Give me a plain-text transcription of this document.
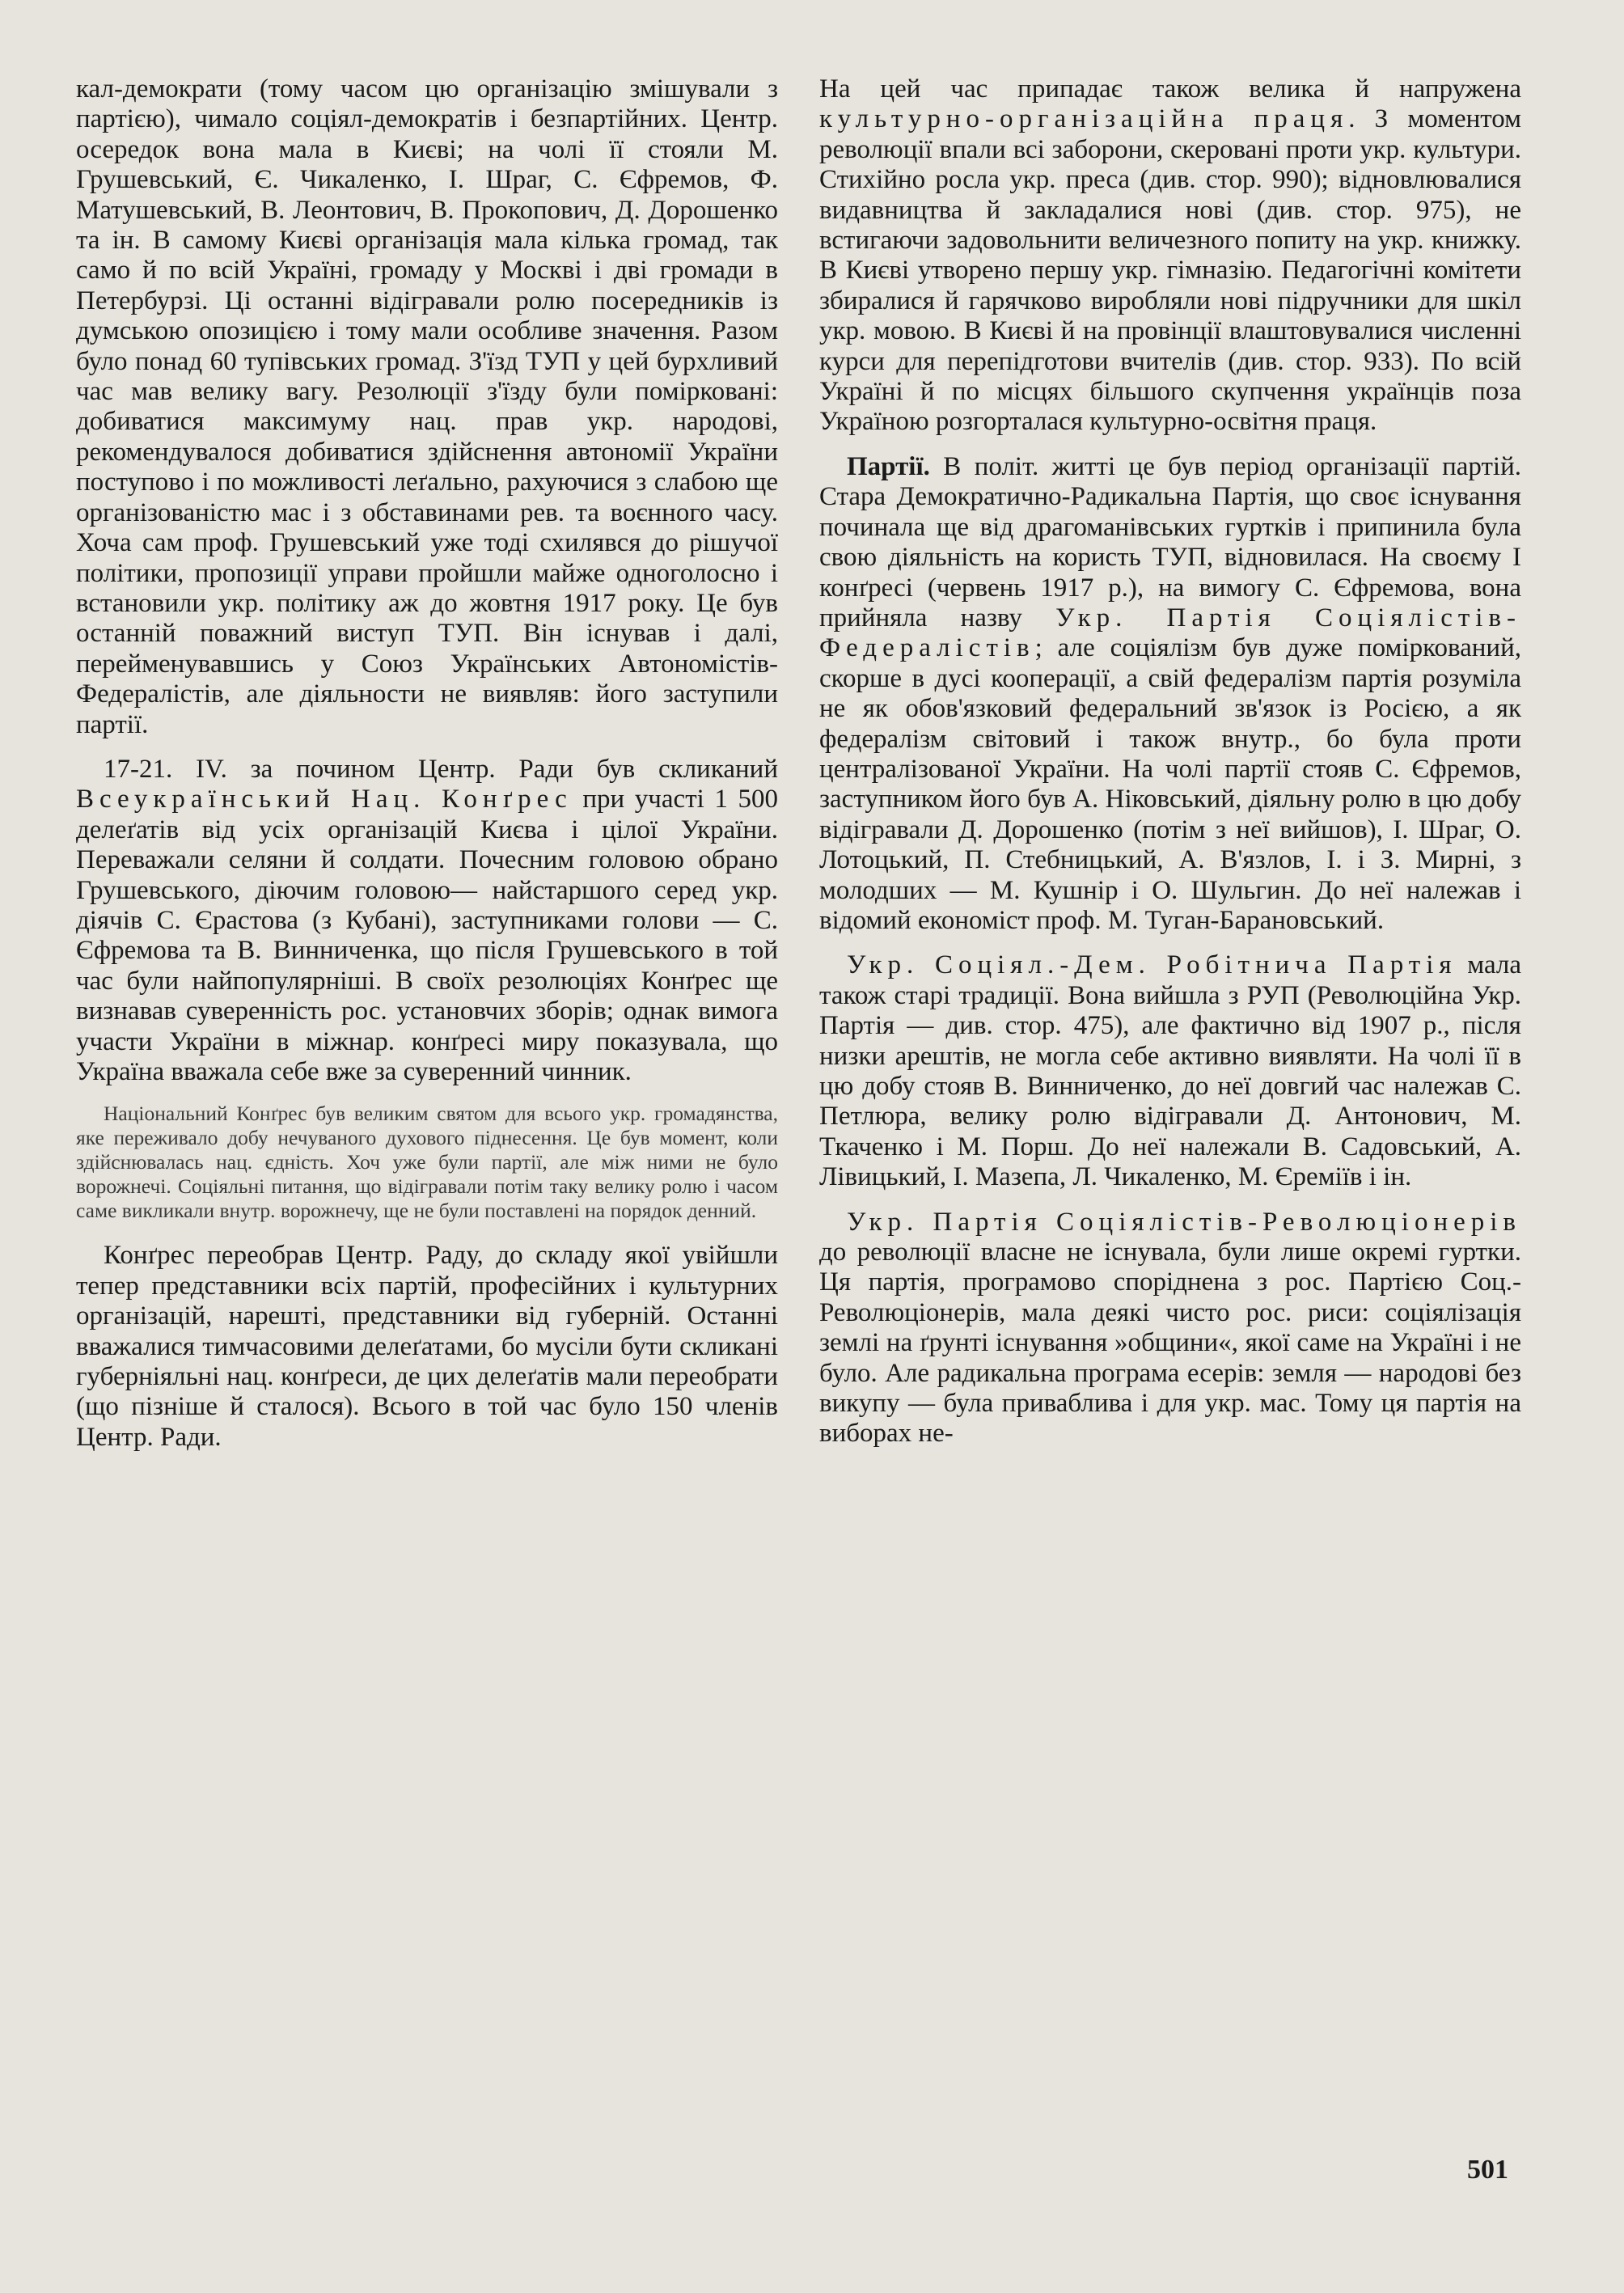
кал-демократи (тому часом цю організацію змішували з партією), чимало соціял-демократів і безпартійних. Центр. осередок вона мала в Києві; на чолі її стояли М. Грушевський, Є. Чикаленко, І. Шраг, С. Єфремов, Ф. Матушевський, В. Леонтович, В. Прокопович, Д. Дорошенко та ін. В самому Києві організація мала кілька громад, так само й по всій Україні, громаду у Москві і дві громади в Петербурзі. Ці останні відігравали ролю посередників із думською опозицією і тому мали особливе значення. Разом було понад 60 тупівських громад. З'їзд ТУП у цей бурхливий час мав велику вагу. Резолюції з'їзду були поміркованi: добиватися максимуму нац. прав укр. народові, рекомендувалося добиватися здійснення автономії України поступово і по можливості леґально, рахуючися з слабою ще організованістю мас і з обставинами рев. та воєнного часу. Хоча сам проф. Грушевський уже тоді схилявся до рішучої політики, пропозиції управи пройшли майже одноголосно і встановили укр. політику аж до жовтня 1917 року. Це був останній поважний виступ ТУП. Він існував і далі, перейменувавшись у Союз Українських Автономістів-Федералістів, але діяльности не виявляв: його заступили партії.

17-21. IV. за почином Центр. Ради був скликаний Всеукраїнський Нац. Конґрес при участі 1 500 делеґатів від усіх організацій Києва і цілої України. Переважали селяни й солдати. Почесним головою обрано Грушевського, діючим головою— найстаршого серед укр. діячів С. Єрастова (з Кубані), заступниками голови — С. Єфремова та В. Винниченка, що після Грушевського в той час були найпопулярніші. В своїх резолюціях Конґрес ще визнавав суверенність рос. установчих зборів; однак вимога участи України в міжнар. конґресі миру показувала, що Україна вважала себе вже за суверенний чинник.

Національний Конґрес був великим святом для всього укр. громадянства, яке переживало добу нечуваного духового піднесення. Це був момент, коли здійснювалась нац. єдність. Хоч уже були партії, але між ними не було ворожнечі. Соціяльні питання, що відігравали потім таку велику ролю і часом саме викликали внутр. ворожнечу, ще не були поставлені на порядок денний.

Конґрес переобрав Центр. Раду, до складу якої увійшли тепер представники всіх партій, професійних і культурних організацій, нарешті, представники від губерній. Останні вважалися тимчасовими делеґатами, бо мусіли бути скликані губерніяльні нац. конґреси, де цих делеґатів мали переобрати (що пізніше й сталося). Всього в той час було 150 членів Центр. Ради.

На цей час припадає також велика й напружена культурно-організаційна праця. З моментом революції впали всі заборони, скеровані проти укр. культури. Стихійно росла укр. преса (див. стор. 990); відновлювалися видавництва й закладалися нові (див. стор. 975), не встигаючи задовольнити величезного попиту на укр. книжку. В Києві утворено першу укр. гімназію. Педагогічні комітети збиралися й гарячково виробляли нові підручники для шкіл укр. мовою. В Києві й на провінції влаштовувалися численні курси для перепідготови вчителів (див. стор. 933). По всій Україні й по місцях більшого скупчення українців поза Україною розгорталася культурно-освітня праця.

Партії. В політ. житті це був період організації партій. Стара Демократично-Радикальна Партія, що своє існування починала ще від драгоманівських гуртків і припинила була свою діяльність на користь ТУП, відновилася. На своєму I конґресі (червень 1917 р.), на вимогу С. Єфремова, вона прийняла назву Укр. Партія Соціялістів-Федералістів; але соціялізм був дуже поміркований, скорше в дусі кооперації, а свій федералізм партія розуміла не як обов'язковий федеральний зв'язок із Росією, а як федералізм світовий і також внутр., бо була проти централізованої України. На чолі партії стояв С. Єфремов, заступником його був А. Ніковський, діяльну ролю в цю добу відігравали Д. Дорошенко (потім з неї вийшов), І. Шраг, О. Лотоцький, П. Стебницький, А. В'язлов, І. і З. Мирні, з молодших — М. Кушнір і О. Шульгин. До неї належав і відомий економіст проф. М. Туган-Барановський.

Укр. Соціял.-Дем. Робітнича Партія мала також старі традиції. Вона вийшла з РУП (Революційна Укр. Партія — див. стор. 475), але фактично від 1907 р., після низки арештів, не могла себе активно виявляти. На чолі її в цю добу стояв В. Винниченко, до неї довгий час належав С. Петлюра, велику ролю відігравали Д. Антонович, М. Ткаченко і М. Порш. До неї належали В. Садовський, А. Лівицький, І. Мазепа, Л. Чикаленко, М. Єреміїв і ін.

Укр. Партія Соціялістів-Революціонерів до революції власне не існувала, були лише окремі гуртки. Ця партія, програмово споріднена з рос. Партією Соц.-Революціонерів, мала деякі чисто рос. риси: соціялізація землі на ґрунті існування »общини«, якої саме на Україні і не було. Але радикальна програма есерів: земля — народові без викупу — була приваблива і для укр. мас. Тому ця партія на виборах не-

501
